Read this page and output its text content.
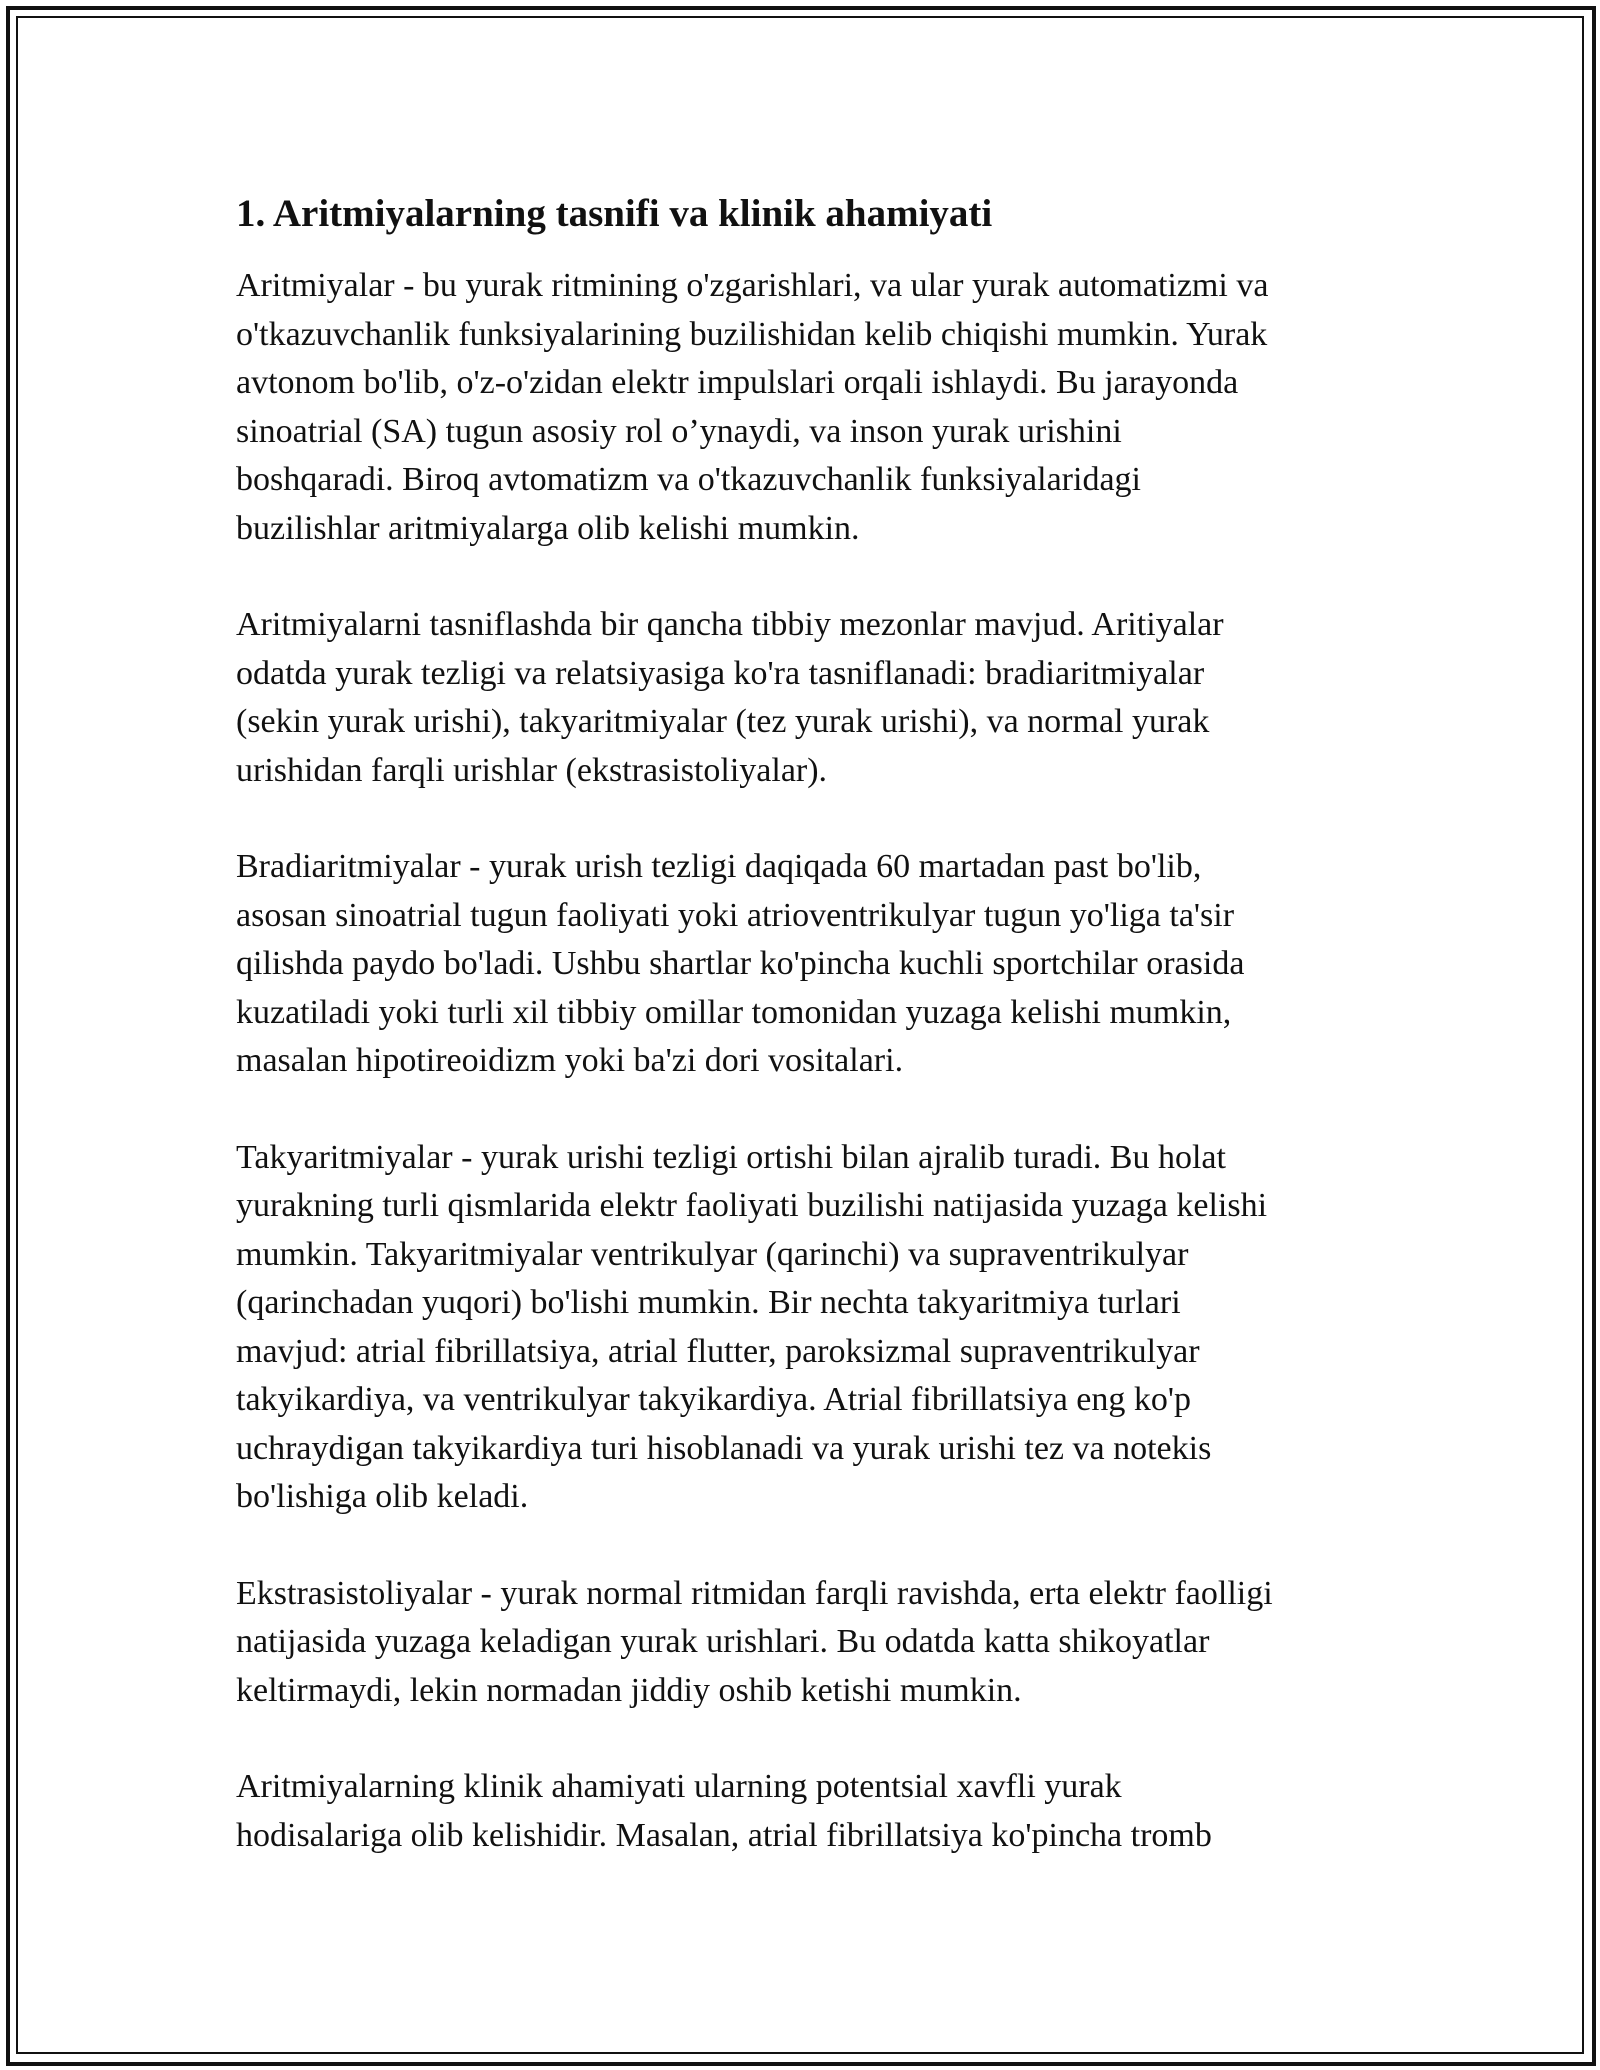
1. Aritmiyalarning tasnifi va klinik ahamiyati

Aritmiyalar - bu yurak ritmining o'zgarishlari, va ular yurak automatizmi va
o'tkazuvchanlik funksiyalarining buzilishidan kelib chiqishi mumkin. Yurak
avtonom bo'lib, o'z-o'zidan elektr impulslari orqali ishlaydi. Bu jarayonda
sinoatrial (SA) tugun asosiy rol o’ynaydi, va inson yurak urishini
boshqaradi. Biroq avtomatizm va o'tkazuvchanlik funksiyalaridagi
buzilishlar aritmiyalarga olib kelishi mumkin.

Aritmiyalarni tasniflashda bir qancha tibbiy mezonlar mavjud. Aritiyalar
odatda yurak tezligi va relatsiyasiga ko'ra tasniflanadi: bradiaritmiyalar
(sekin yurak urishi), takyaritmiyalar (tez yurak urishi), va normal yurak
urishidan farqli urishlar (ekstrasistoliyalar).

Bradiaritmiyalar - yurak urish tezligi daqiqada 60 martadan past bo'lib,
asosan sinoatrial tugun faoliyati yoki atrioventrikulyar tugun yo'liga ta'sir
qilishda paydo bo'ladi. Ushbu shartlar ko'pincha kuchli sportchilar orasida
kuzatiladi yoki turli xil tibbiy omillar tomonidan yuzaga kelishi mumkin,
masalan hipotireoidizm yoki ba'zi dori vositalari.

Takyaritmiyalar - yurak urishi tezligi ortishi bilan ajralib turadi. Bu holat
yurakning turli qismlarida elektr faoliyati buzilishi natijasida yuzaga kelishi
mumkin. Takyaritmiyalar ventrikulyar (qarinchi) va supraventrikulyar
(qarinchadan yuqori) bo'lishi mumkin. Bir nechta takyaritmiya turlari
mavjud: atrial fibrillatsiya, atrial flutter, paroksizmal supraventrikulyar
takyikardiya, va ventrikulyar takyikardiya. Atrial fibrillatsiya eng ko'p
uchraydigan takyikardiya turi hisoblanadi va yurak urishi tez va notekis
bo'lishiga olib keladi.

Ekstrasistoliyalar - yurak normal ritmidan farqli ravishda, erta elektr faolligi
natijasida yuzaga keladigan yurak urishlari. Bu odatda katta shikoyatlar
keltirmaydi, lekin normadan jiddiy oshib ketishi mumkin.

Aritmiyalarning klinik ahamiyati ularning potentsial xavfli yurak
hodisalariga olib kelishidir. Masalan, atrial fibrillatsiya ko'pincha tromb
